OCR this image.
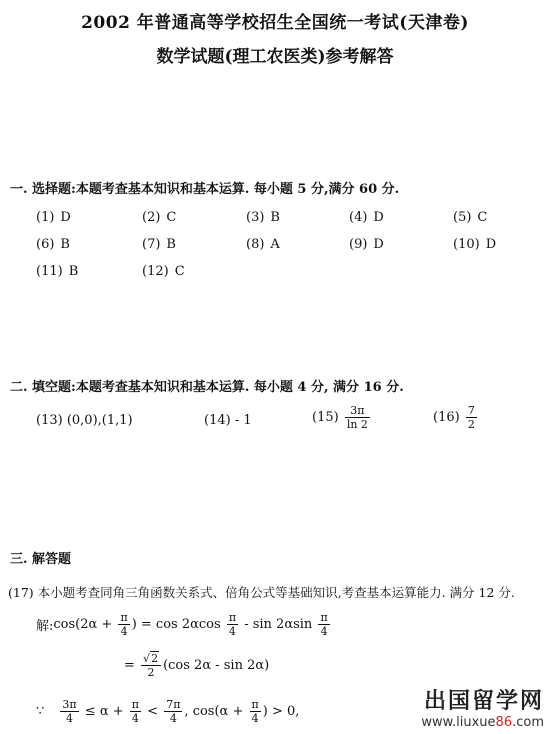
2002 年普通高等学校招生全国统一考试(天津卷)
数学试题(理工农医类)参考解答
一. 选择题:本题考查基本知识和基本运算. 每小题 5 分,满分 60 分.
(1) D	(2) C	(3) B	(4) D	(5) C
(6) B	(7) B	(8) A	(9) D	(10) D
(11) B	(12) C
二. 填空题:本题考查基本知识和基本运算. 每小题 4 分, 满分 16 分.
(13) (0,0),(1,1)	(14) - 1	$(15) \frac{3\pi}{\ln 2}$	$(16) \frac{7}{2}$
三. 解答题
(17) 本小题考查同角三角函数关系式、倍角公式等基础知识,考查基本运算能力. 满分 12 分.
解:cos(2α + $\frac{\pi}{4}$ ) = $\cos 2\alpha\cos \frac{\pi}{4}$ - $\sin 2\alpha\sin \frac{\pi}{4}$
= $\frac{√2}{2} (\cos$ 2α - sin 2α)
∵ $\frac{3\pi}{4} \le \alpha + \frac{\pi}{4} < \frac{7\pi}{4}$ , $\cos(\alpha + \frac{\pi}{4}$ ) > 0,	出国留学网
www.liuxue86.com
